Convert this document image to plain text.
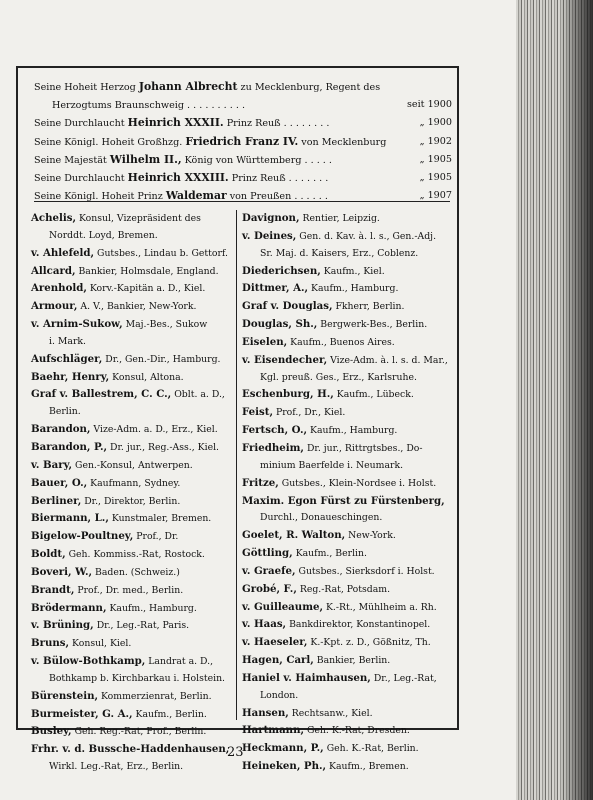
Seine Hoheit Herzog Johann Albrecht zu Mecklenburg, Regent des
Herzogtums Braunschweig . . . . . . . . . .	seit 1900
Seine Durchlaucht Heinrich XXXII. Prinz Reuß . . . . . . . .	„ 1900
Seine Königl. Hoheit Großhzg. Friedrich Franz IV. von Mecklenburg	„ 1902
Seine Majestät Wilhelm II., König von Württemberg . . . . .	„ 1905
Seine Durchlaucht Heinrich XXXIII. Prinz Reuß . . . . . . .	„ 1905
Seine Königl. Hoheit Prinz Waldemar von Preußen . . . . . .	„ 1907
Achelis, Konsul, Vizepräsident des
Norddt. Loyd, Bremen.
v. Ahlefeld, Gutsbes., Lindau b. Gettorf.
Allcard, Bankier, Holmsdale, England.
Arenhold, Korv.-Kapitän a. D., Kiel.
Armour, A. V., Bankier, New-York.
v. Arnim-Sukow, Maj.-Bes., Sukow
i. Mark.
Aufschläger, Dr., Gen.-Dir., Hamburg.
Baehr, Henry, Konsul, Altona.
Graf v. Ballestrem, C. C., Oblt. a. D.,
Berlin.
Barandon, Vize-Adm. a. D., Erz., Kiel.
Barandon, P., Dr. jur., Reg.-Ass., Kiel.
v. Bary, Gen.-Konsul, Antwerpen.
Bauer, O., Kaufmann, Sydney.
Berliner, Dr., Direktor, Berlin.
Biermann, L., Kunstmaler, Bremen.
Bigelow-Poultney, Prof., Dr.
Boldt, Geh. Kommiss.-Rat, Rostock.
Boveri, W., Baden. (Schweiz.)
Brandt, Prof., Dr. med., Berlin.
Brödermann, Kaufm., Hamburg.
v. Brüning, Dr., Leg.-Rat, Paris.
Bruns, Konsul, Kiel.
v. Bülow-Bothkamp, Landrat a. D.,
Bothkamp b. Kirchbarkau i. Holstein.
Bürenstein, Kommerzienrat, Berlin.
Burmeister, G. A., Kaufm., Berlin.
Busley, Geh. Reg.-Rat, Prof., Berlin.
Frhr. v. d. Bussche-Haddenhausen,
Wirkl. Leg.-Rat, Erz., Berlin.
Davignon, Rentier, Leipzig.
v. Deines, Gen. d. Kav. à. l. s., Gen.-Adj.
Sr. Maj. d. Kaisers, Erz., Coblenz.
Diederichsen, Kaufm., Kiel.
Dittmer, A., Kaufm., Hamburg.
Graf v. Douglas, Fkherr, Berlin.
Douglas, Sh., Bergwerk-Bes., Berlin.
Eiselen, Kaufm., Buenos Aires.
v. Eisendecher, Vize-Adm. à. l. s. d. Mar.,
Kgl. preuß. Ges., Erz., Karlsruhe.
Eschenburg, H., Kaufm., Lübeck.
Feist, Prof., Dr., Kiel.
Fertsch, O., Kaufm., Hamburg.
Friedheim, Dr. jur., Rittrgtsbes., Do-
minium Baerfelde i. Neumark.
Fritze, Gutsbes., Klein-Nordsee i. Holst.
Maxim. Egon Fürst zu Fürstenberg,
Durchl., Donaueschingen.
Goelet, R. Walton, New-York.
Göttling, Kaufm., Berlin.
v. Graefe, Gutsbes., Sierksdorf i. Holst.
Grobé, F., Reg.-Rat, Potsdam.
v. Guilleaume, K.-Rt., Mühlheim a. Rh.
v. Haas, Bankdirektor, Konstantinopel.
v. Haeseler, K.-Kpt. z. D., Gößnitz, Th.
Hagen, Carl, Bankier, Berlin.
Haniel v. Haimhausen, Dr., Leg.-Rat,
London.
Hansen, Rechtsanw., Kiel.
Hartmann, Geh. K.-Rat, Dresden.
Heckmann, P., Geh. K.-Rat, Berlin.
Heineken, Ph., Kaufm., Bremen.
23
